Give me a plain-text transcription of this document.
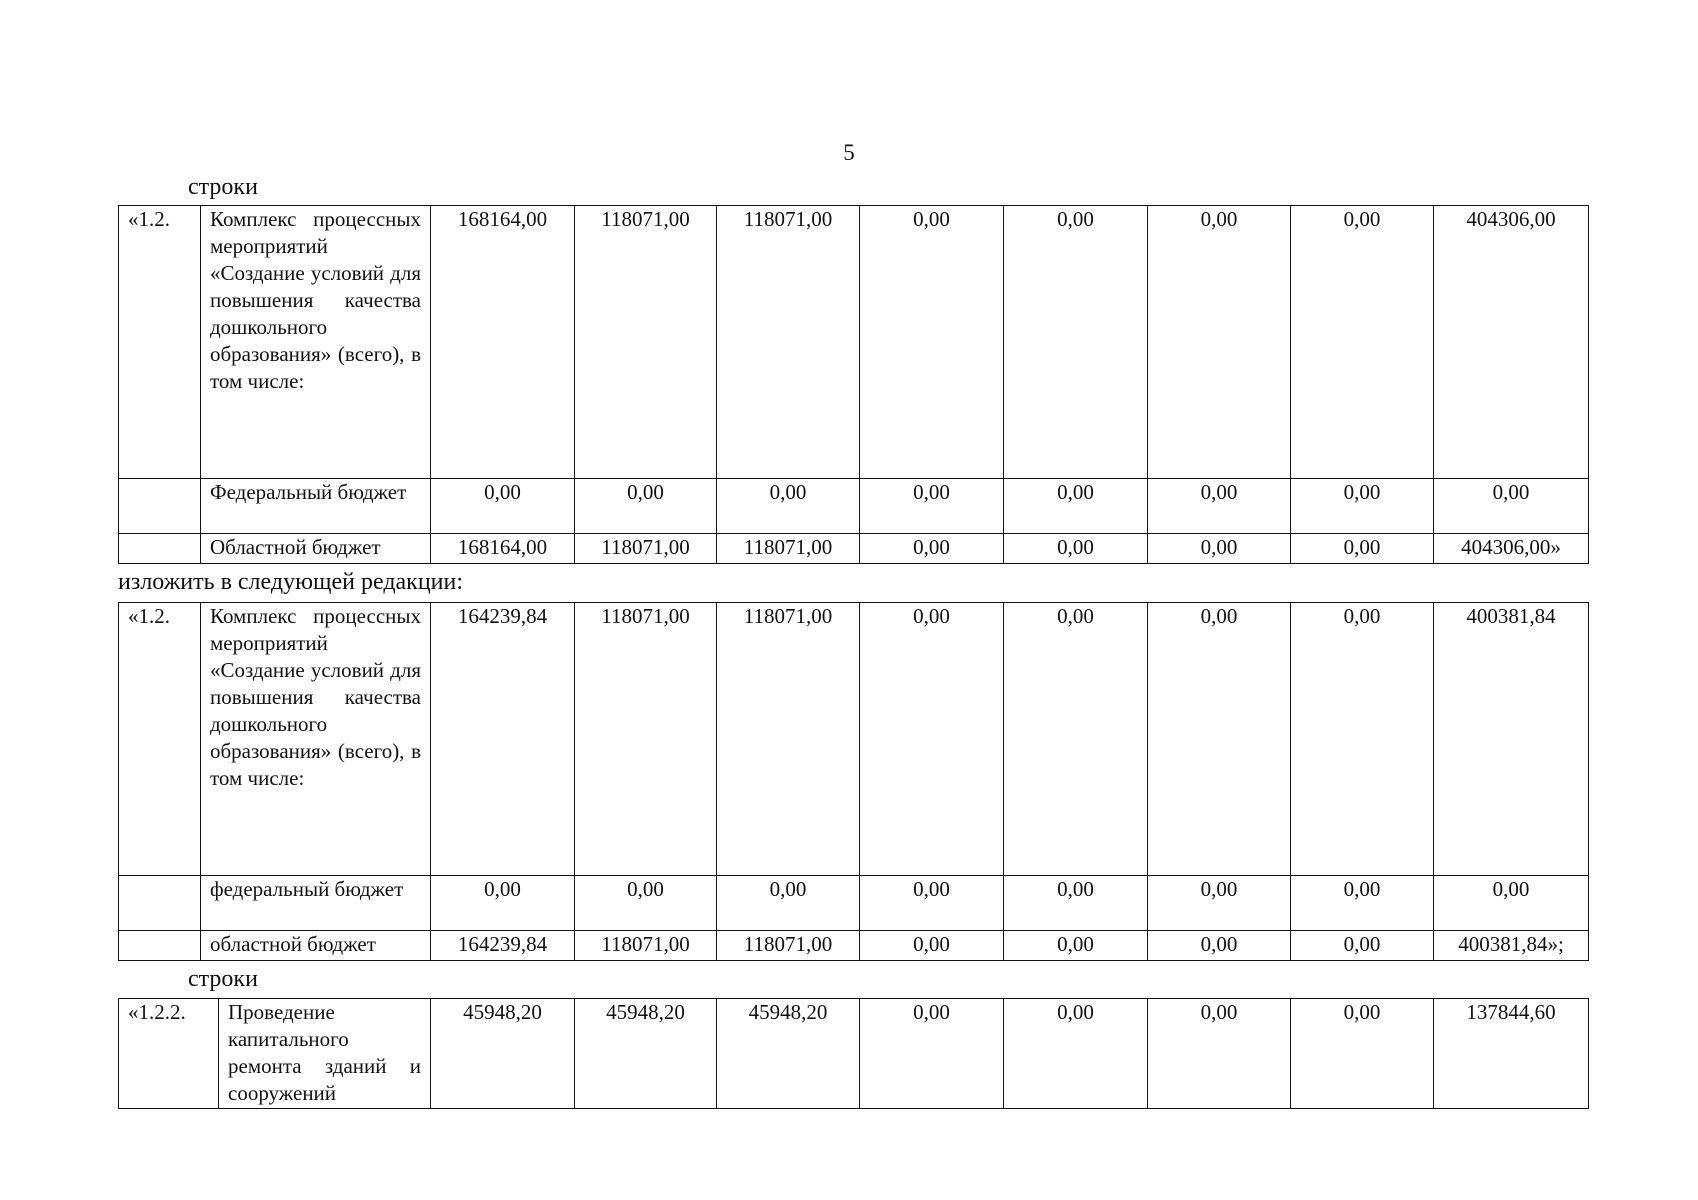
5
строки
«1.2.	Комплекс процессных мероприятий «Создание условий для повышения качества дошкольного образования» (всего), в том числе:	168164,00	118071,00	118071,00	0,00	0,00	0,00	0,00	404306,00
	Федеральный бюджет	0,00	0,00	0,00	0,00	0,00	0,00	0,00	0,00
	Областной бюджет	168164,00	118071,00	118071,00	0,00	0,00	0,00	0,00	404306,00»
изложить в следующей редакции:
«1.2.	Комплекс процессных мероприятий «Создание условий для повышения качества дошкольного образования» (всего), в том числе:	164239,84	118071,00	118071,00	0,00	0,00	0,00	0,00	400381,84
	федеральный бюджет	0,00	0,00	0,00	0,00	0,00	0,00	0,00	0,00
	областной бюджет	164239,84	118071,00	118071,00	0,00	0,00	0,00	0,00	400381,84»;
строки
«1.2.2.	Проведение капитального ремонта зданий и сооружений	45948,20	45948,20	45948,20	0,00	0,00	0,00	0,00	137844,60
